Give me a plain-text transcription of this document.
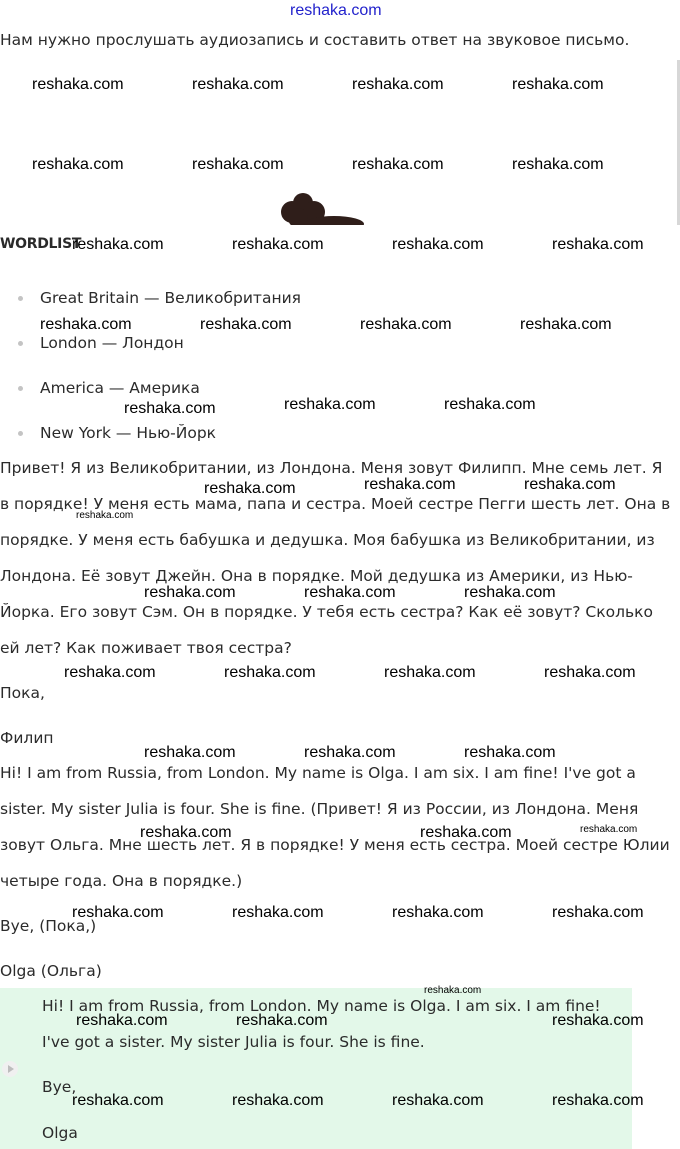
reshaka.com
Нам нужно прослушать аудиозапись и составить ответ на звуковое письмо.
WORDLIST
Great Britain — Великобритания
London — Лондон
America — Америка
New York — Нью-Йорк
Привет! Я из Великобритании, из Лондона. Меня зовут Филипп. Мне семь лет. Я
в порядке! У меня есть мама, папа и сестра. Моей сестре Пегги шесть лет. Она в
порядке. У меня есть бабушка и дедушка. Моя бабушка из Великобритании, из
Лондона. Её зовут Джейн. Она в порядке. Мой дедушка из Америки, из Нью-
Йорка. Его зовут Сэм. Он в порядке. У тебя есть сестра? Как её зовут? Сколько
ей лет? Как поживает твоя сестра?
Пока,
Филип
Hi! I am from Russia, from London. My name is Olga. I am six. I am fine! I've got a
sister. My sister Julia is four. She is fine. (Привет! Я из России, из Лондона. Меня
зовут Ольга. Мне шесть лет. Я в порядке! У меня есть сестра. Моей сестре Юлии
четыре года. Она в порядке.)
Bye, (Пока,)
Olga (Ольга)
Hi! I am from Russia, from London. My name is Olga. I am six. I am fine!
I've got a sister. My sister Julia is four. She is fine.
Bye,
Olga
reshaka.com	reshaka.com	reshaka.com	reshaka.com
reshaka.com	reshaka.com	reshaka.com	reshaka.com
reshaka.com	reshaka.com	reshaka.com	reshaka.com
reshaka.com	reshaka.com	reshaka.com	reshaka.com
reshaka.com	reshaka.com	reshaka.com
reshaka.com	reshaka.com	reshaka.com
reshaka.com
reshaka.com	reshaka.com	reshaka.com
reshaka.com	reshaka.com	reshaka.com	reshaka.com
reshaka.com	reshaka.com	reshaka.com
reshaka.com	reshaka.com	reshaka.com
reshaka.com	reshaka.com	reshaka.com	reshaka.com
reshaka.com
reshaka.com	reshaka.com	reshaka.com
reshaka.com	reshaka.com	reshaka.com	reshaka.com
